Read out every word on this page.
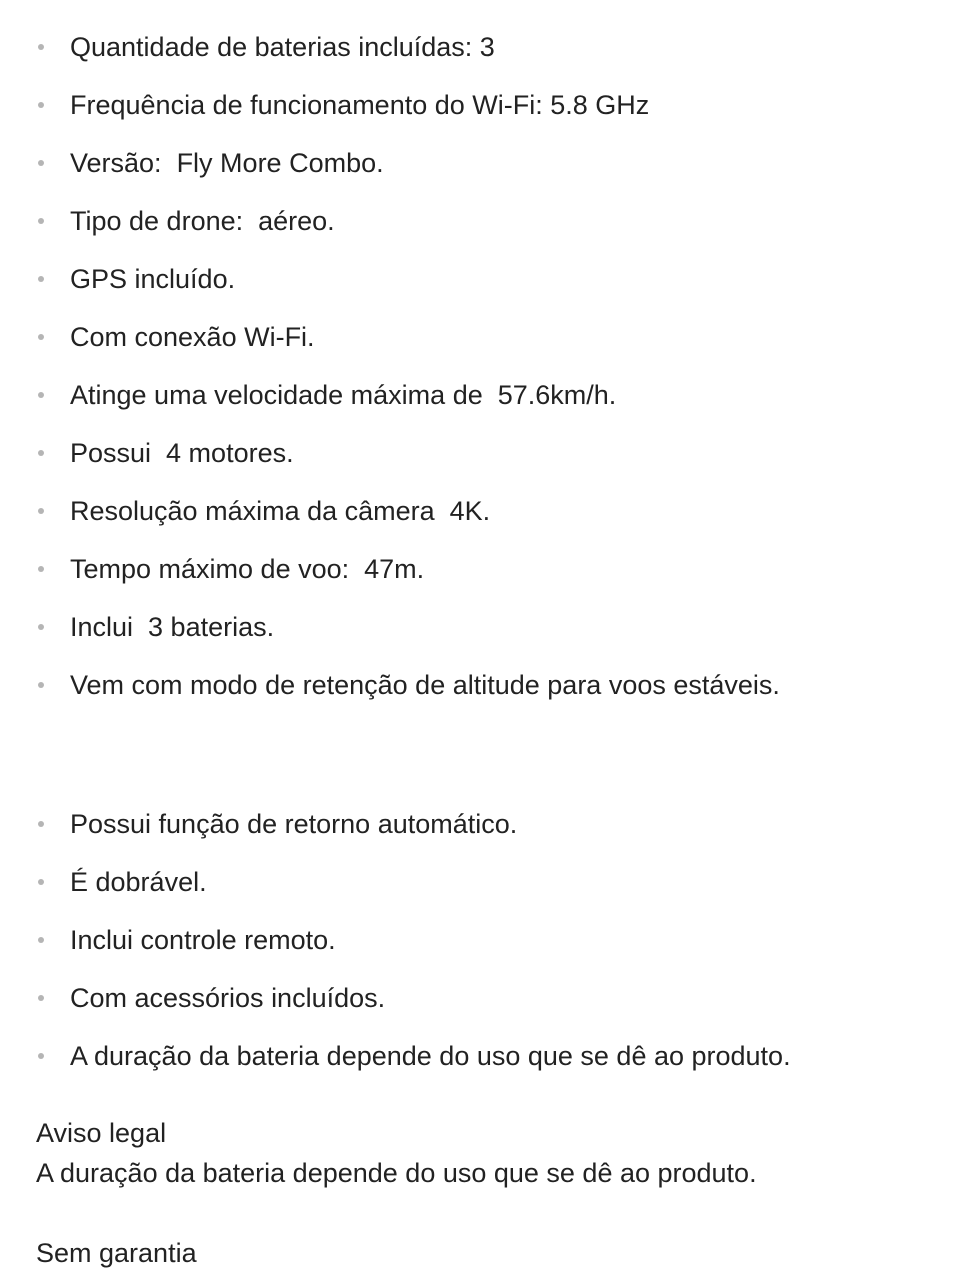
Quantidade de baterias incluídas: 3
Frequência de funcionamento do Wi-Fi: 5.8 GHz
Versão:  Fly More Combo.
Tipo de drone:  aéreo.
GPS incluído.
Com conexão Wi-Fi.
Atinge uma velocidade máxima de  57.6km/h.
Possui  4 motores.
Resolução máxima da câmera  4K.
Tempo máximo de voo:  47m.
Inclui  3 baterias.
Vem com modo de retenção de altitude para voos estáveis.
Possui função de retorno automático.
É dobrável.
Inclui controle remoto.
Com acessórios incluídos.
A duração da bateria depende do uso que se dê ao produto.
Aviso legal
A duração da bateria depende do uso que se dê ao produto.
Sem garantia
